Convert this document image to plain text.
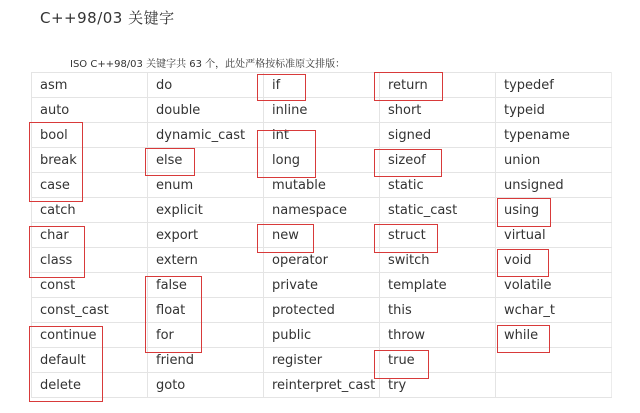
C++98/03 关键字
ISO C++98/03 关键字共 63 个，此处严格按标准原文排版：
asm	do	if	return	typedef
auto	double	inline	short	typeid
bool	dynamic_cast	int	signed	typename
break	else	long	sizeof	union
case	enum	mutable	static	unsigned
catch	explicit	namespace	static_cast	using
char	export	new	struct	virtual
class	extern	operator	switch	void
const	false	private	template	volatile
const_cast	float	protected	this	wchar_t
continue	for	public	throw	while
default	friend	register	true	
delete	goto	reinterpret_cast	try	
